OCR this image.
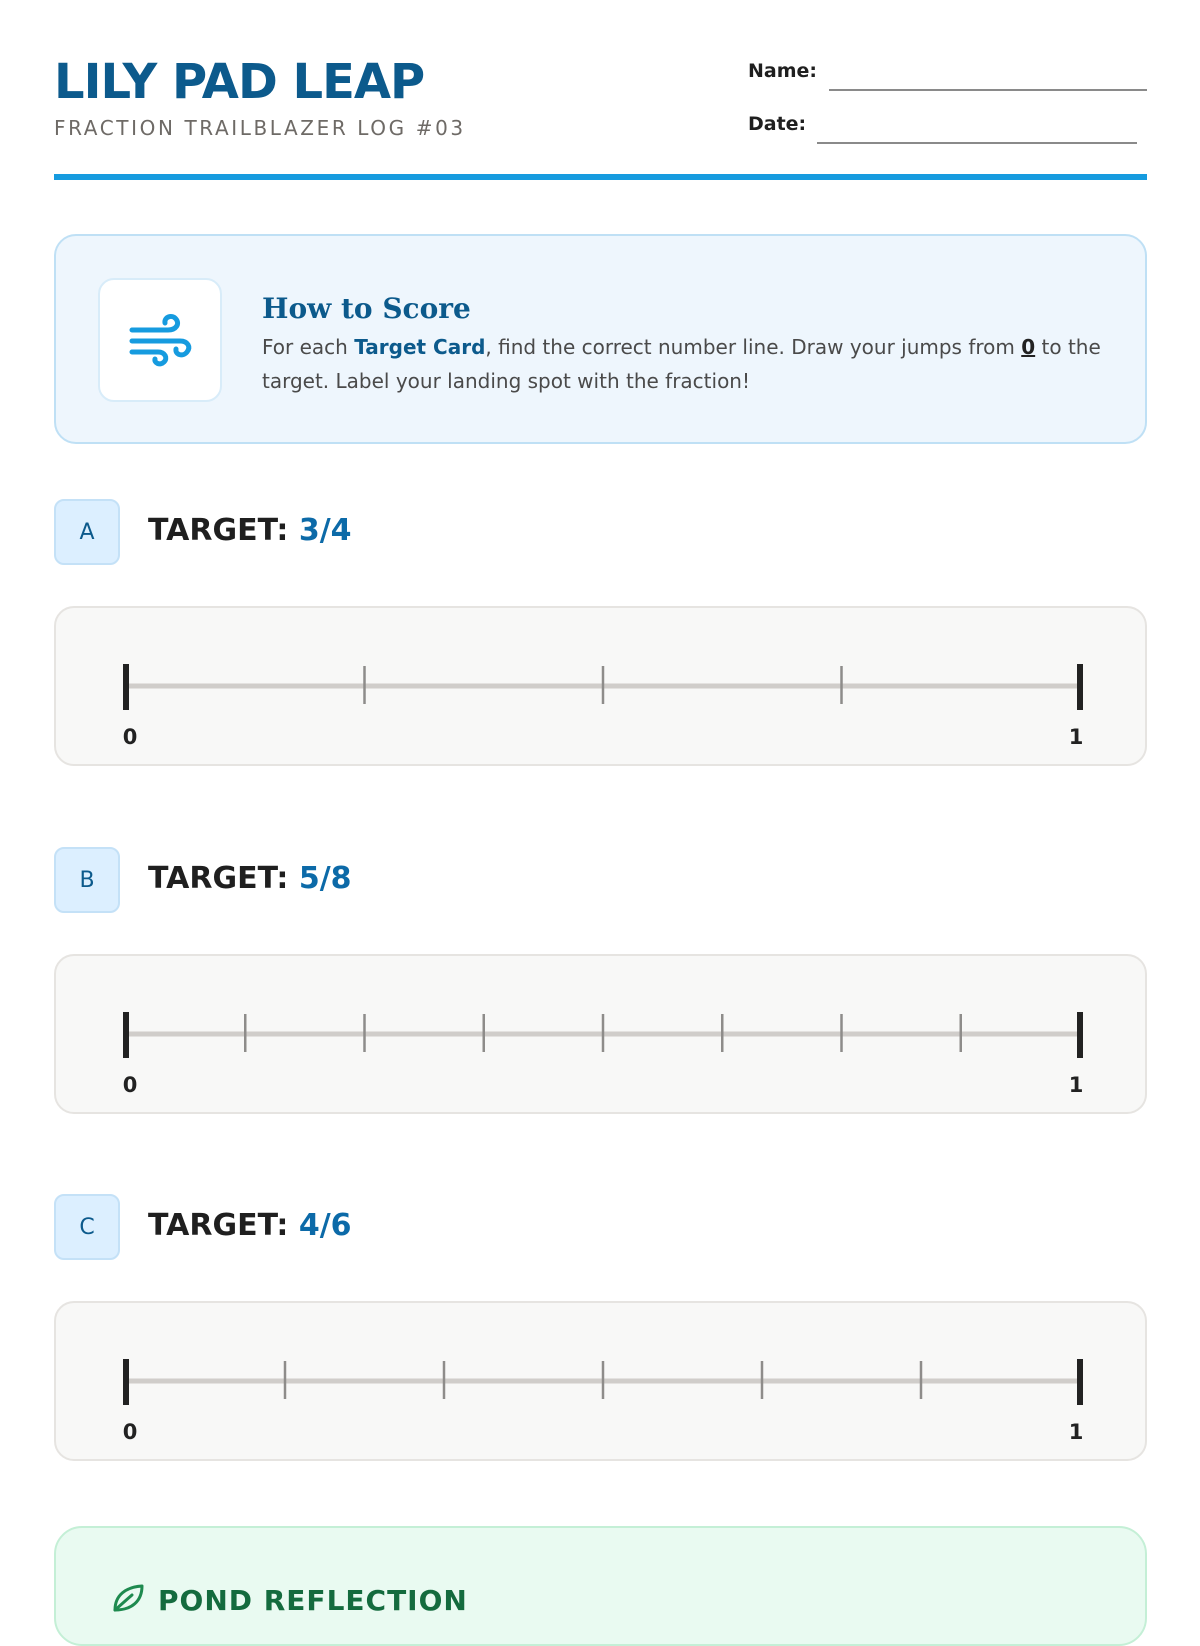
LILY PAD LEAP
FRACTION TRAILBLAZER LOG #03
Name:
Date:
How to Score
For each Target Card, find the correct number line. Draw your jumps from 0 to the target. Label your landing spot with the fraction!
A	TARGET: 3/4
0	1
B	TARGET: 5/8
0	1
C	TARGET: 4/6
0	1
POND REFLECTION
